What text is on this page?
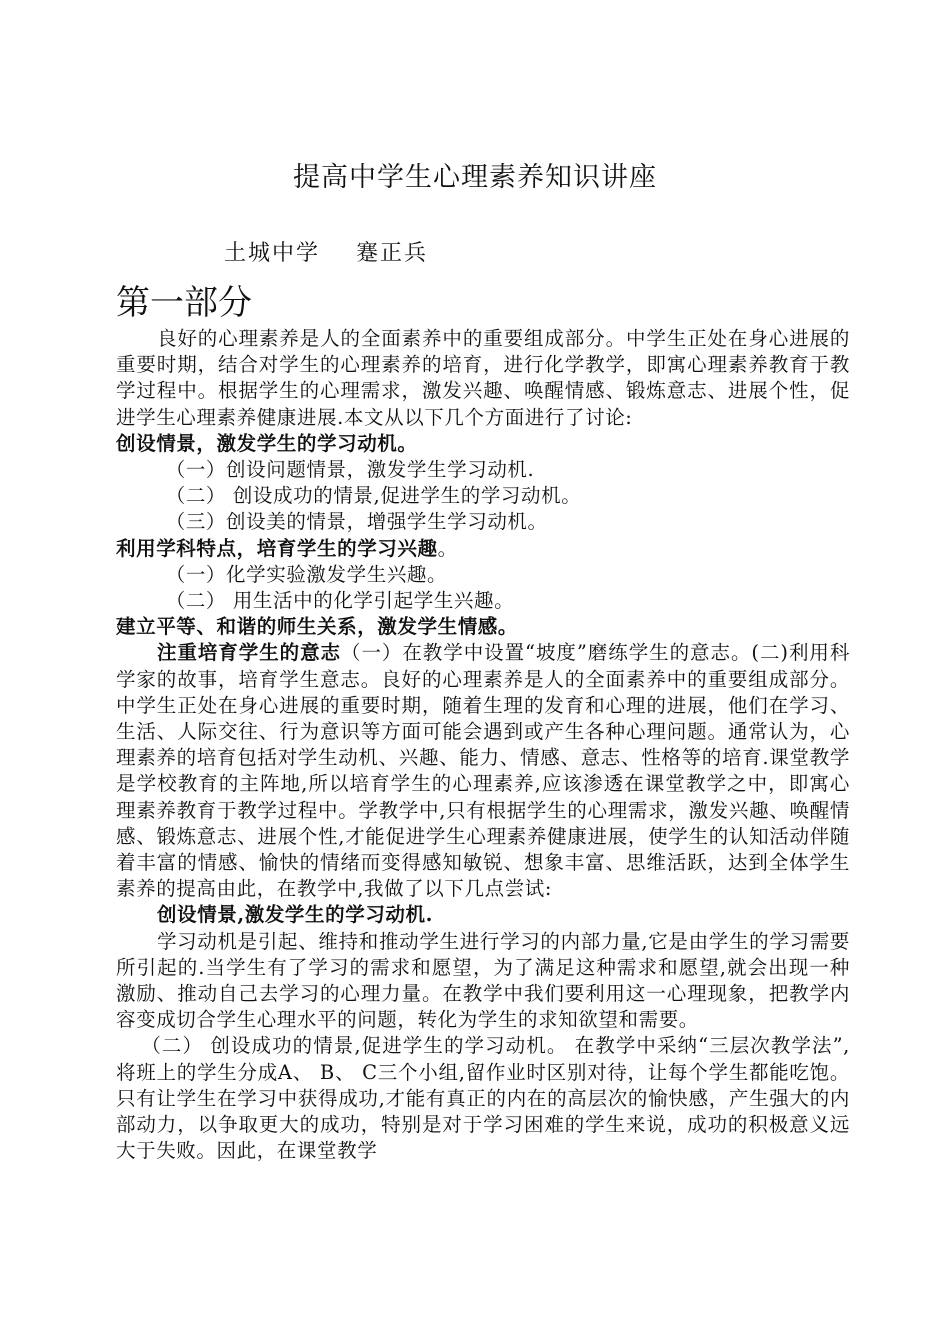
提高中学生心理素养知识讲座
土城中学 蹇正兵
第一部分

良好的心理素养是人的全面素养中的重要组成部分。中学生正处在身心进展的重要时期，结合对学生的心理素养的培育，进行化学教学，即寓心理素养教育于教学过程中。根据学生的心理需求，激发兴趣、唤醒情感、锻炼意志、进展个性，促进学生心理素养健康进展.本文从以下几个方面进行了讨论:

创设情景，激发学生的学习动机。

（一）创设问题情景，激发学生学习动机.

（二） 创设成功的情景,促进学生的学习动机。

（三）创设美的情景，增强学生学习动机。

利用学科特点，培育学生的学习兴趣。

（一）化学实验激发学生兴趣。

（二） 用生活中的化学引起学生兴趣。

建立平等、和谐的师生关系，激发学生情感。

注重培育学生的意志（一）在教学中设置“坡度”磨练学生的意志。(二)利用科学家的故事，培育学生意志。良好的心理素养是人的全面素养中的重要组成部分。中学生正处在身心进展的重要时期，随着生理的发育和心理的进展，他们在学习、生活、人际交往、行为意识等方面可能会遇到或产生各种心理问题。通常认为，心理素养的培育包括对学生动机、兴趣、能力、情感、意志、性格等的培育.课堂教学是学校教育的主阵地,所以培育学生的心理素养,应该渗透在课堂教学之中，即寓心理素养教育于教学过程中。学教学中,只有根据学生的心理需求，激发兴趣、唤醒情感、锻炼意志、进展个性,才能促进学生心理素养健康进展，使学生的认知活动伴随着丰富的情感、愉快的情绪而变得感知敏锐、想象丰富、思维活跃，达到全体学生素养的提高由此，在教学中,我做了以下几点尝试:

创设情景,激发学生的学习动机.

学习动机是引起、维持和推动学生进行学习的内部力量,它是由学生的学习需要所引起的.当学生有了学习的需求和愿望，为了满足这种需求和愿望,就会出现一种激励、推动自己去学习的心理力量。在教学中我们要利用这一心理现象，把教学内容变成切合学生心理水平的问题，转化为学生的求知欲望和需要。

（二） 创设成功的情景,促进学生的学习动机。 在教学中采纳“三层次教学法”,将班上的学生分成A、 B、 C三个小组,留作业时区别对待，让每个学生都能吃饱。只有让学生在学习中获得成功,才能有真正的内在的高层次的愉快感，产生强大的内部动力，以争取更大的成功，特别是对于学习困难的学生来说，成功的积极意义远大于失败。因此，在课堂教学
